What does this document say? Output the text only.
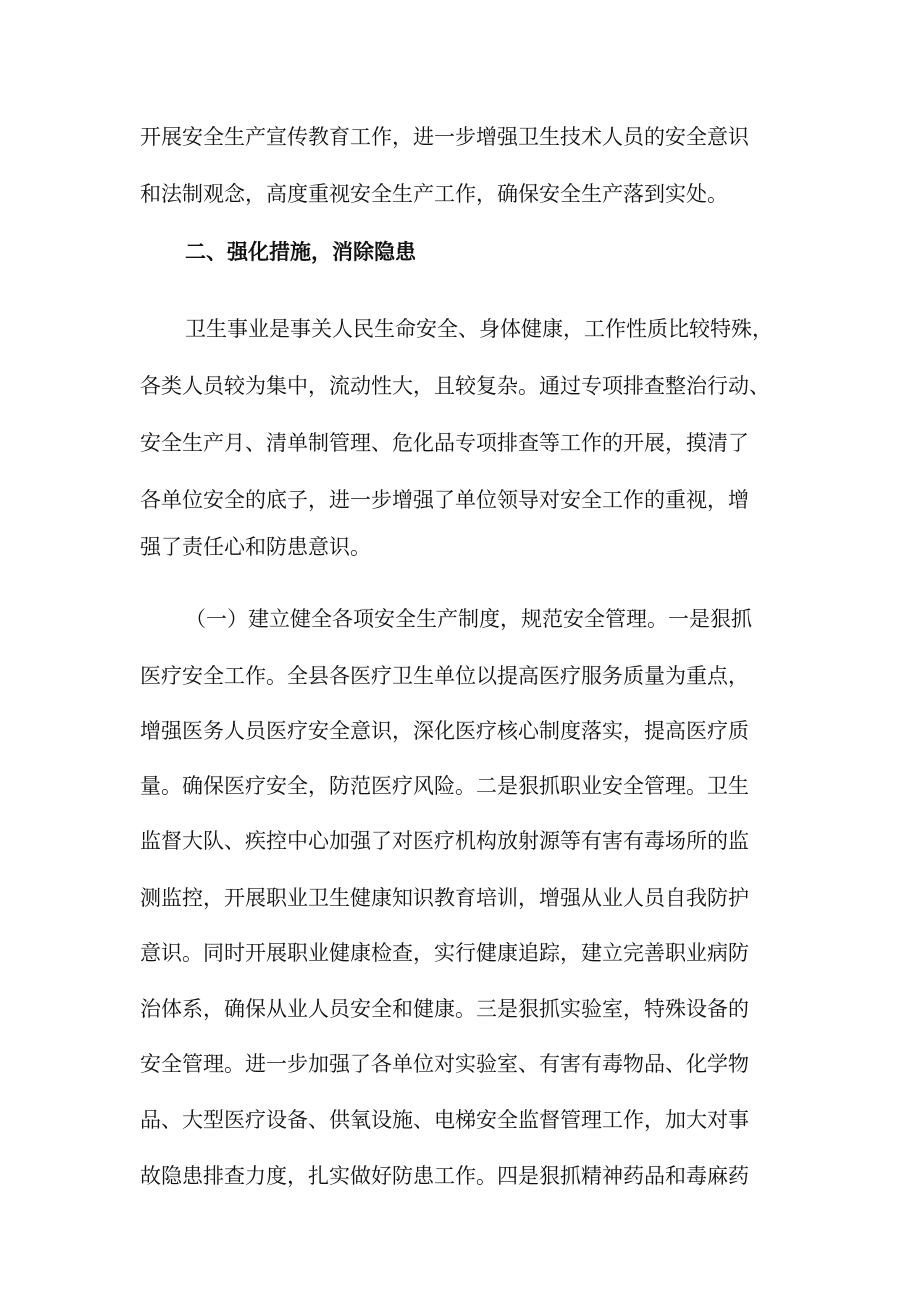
开展安全生产宣传教育工作，进一步增强卫生技术人员的安全意识
和法制观念，高度重视安全生产工作，确保安全生产落到实处。
二、强化措施，消除隐患
卫生事业是事关人民生命安全、身体健康，工作性质比较特殊，
各类人员较为集中，流动性大，且较复杂。通过专项排查整治行动、
安全生产月、清单制管理、危化品专项排查等工作的开展，摸清了
各单位安全的底子，进一步增强了单位领导对安全工作的重视，增
强了责任心和防患意识。
（一）建立健全各项安全生产制度，规范安全管理。一是狠抓
医疗安全工作。全县各医疗卫生单位以提高医疗服务质量为重点，
增强医务人员医疗安全意识，深化医疗核心制度落实，提高医疗质
量。确保医疗安全，防范医疗风险。二是狠抓职业安全管理。卫生
监督大队、疾控中心加强了对医疗机构放射源等有害有毒场所的监
测监控，开展职业卫生健康知识教育培训，增强从业人员自我防护
意识。同时开展职业健康检查，实行健康追踪，建立完善职业病防
治体系，确保从业人员安全和健康。三是狠抓实验室，特殊设备的
安全管理。进一步加强了各单位对实验室、有害有毒物品、化学物
品、大型医疗设备、供氧设施、电梯安全监督管理工作，加大对事
故隐患排查力度，扎实做好防患工作。四是狠抓精神药品和毒麻药
